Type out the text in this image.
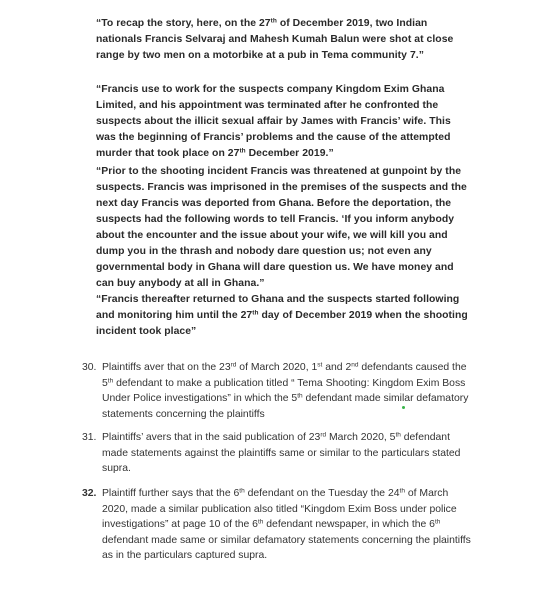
“To recap the story, here, on the 27th of December 2019, two Indian
nationals Francis Selvaraj and Mahesh Kumah Balun were shot at close
range by two men on a motorbike at a pub in Tema community 7.”
“Francis use to work for the suspects company Kingdom Exim Ghana
Limited, and his appointment was terminated after he confronted the
suspects about the illicit sexual affair by James with Francis’ wife. This
was the beginning of Francis’ problems and the cause of the attempted
murder that took place on 27th December 2019.”
“Prior to the shooting incident Francis was threatened at gunpoint by the
suspects. Francis was imprisoned in the premises of the suspects and the
next day Francis was deported from Ghana. Before the deportation, the
suspects had the following words to tell Francis. ‘If you inform anybody
about the encounter and the issue about your wife, we will kill you and
dump you in the thrash and nobody dare question us; not even any
governmental body in Ghana will dare question us. We have money and
can buy anybody at all in Ghana.”
“Francis thereafter returned to Ghana and the suspects started following
and monitoring him until the 27th day of December 2019 when the shooting
incident took place”
30. Plaintiffs aver that on the 23rd of March 2020, 1st and 2nd defendants caused the
5th defendant to make a publication titled “ Tema Shooting: Kingdom Exim Boss
Under Police investigations” in which the 5th defendant made similar defamatory
statements concerning the plaintiffs
31. Plaintiffs’ avers that in the said publication of 23rd March 2020, 5th defendant
made statements against the plaintiffs same or similar to the particulars stated
supra.
32. Plaintiff further says that the 6th defendant on the Tuesday the 24th of March
2020, made a similar publication also titled “Kingdom Exim Boss under police
investigations” at page 10 of the 6th defendant newspaper, in which the 6th
defendant made same or similar defamatory statements concerning the plaintiffs
as in the particulars captured supra.
